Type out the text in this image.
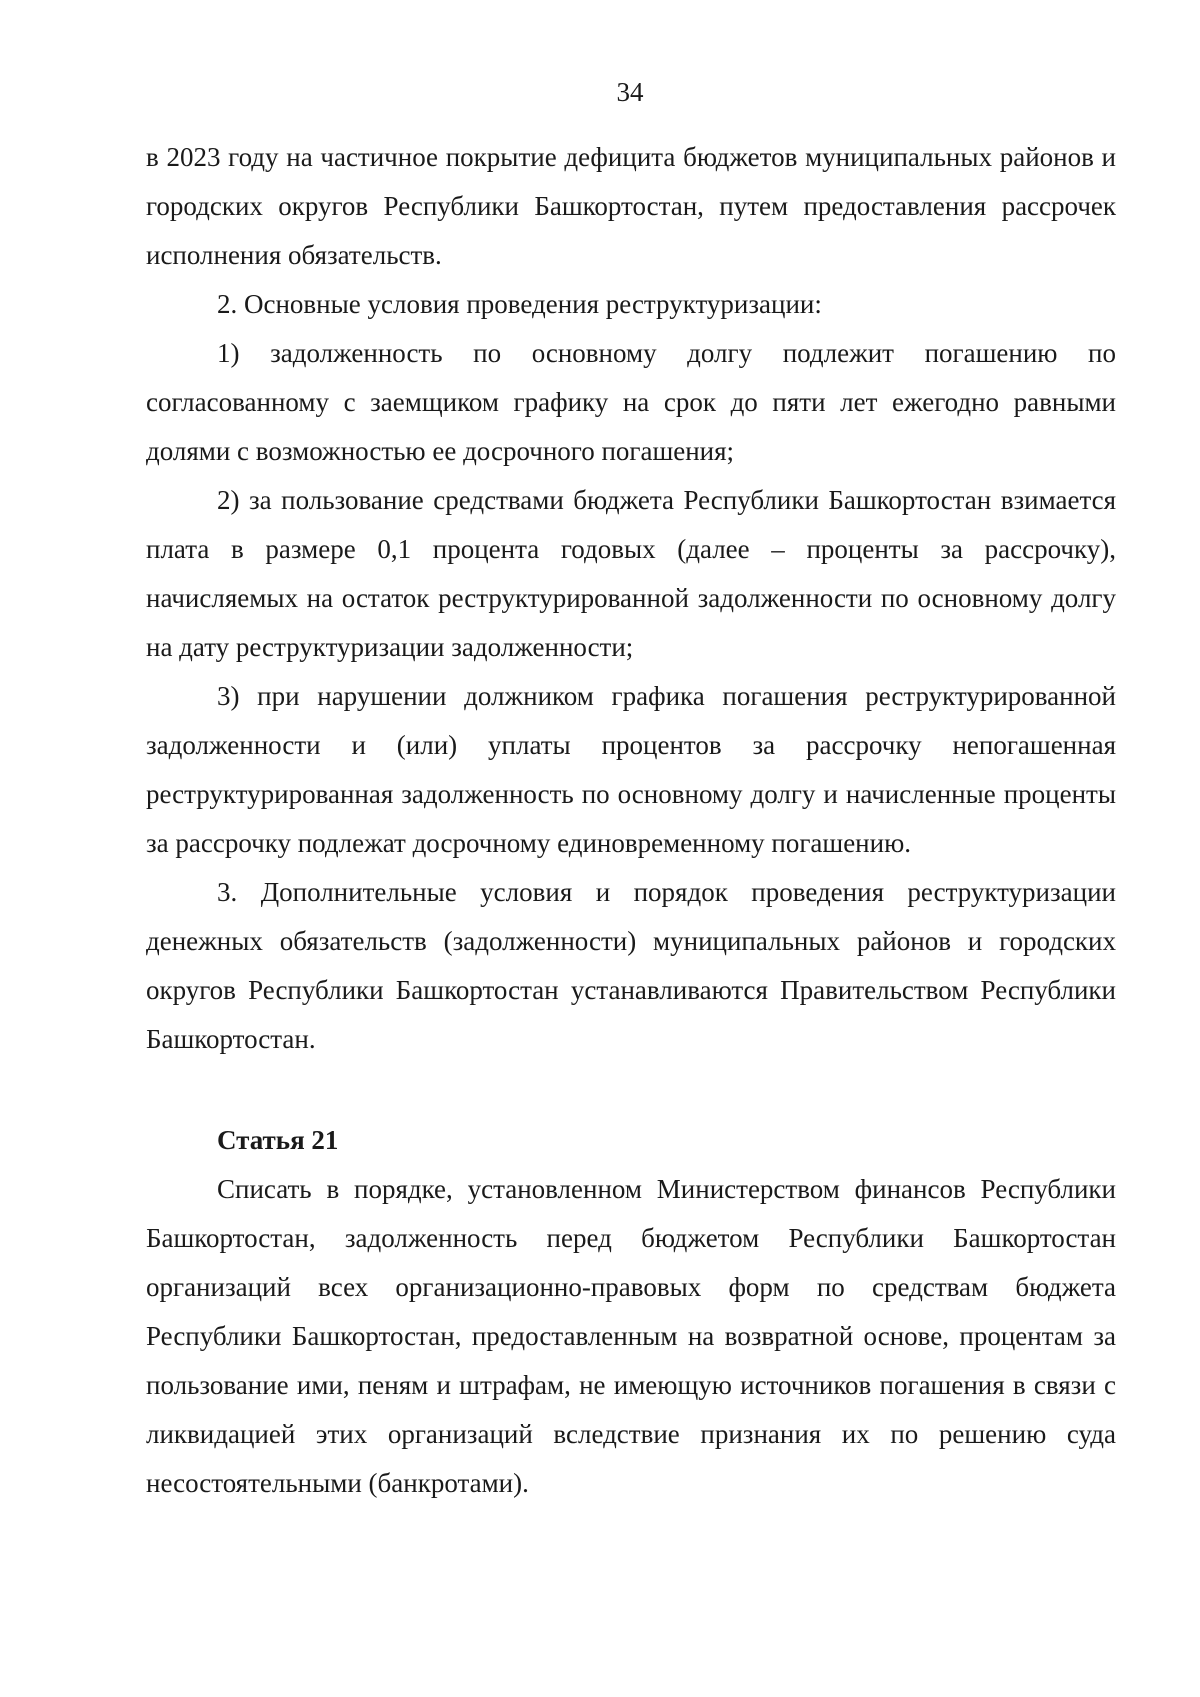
34

в 2023 году на частичное покрытие дефицита бюджетов муниципальных районов и городских округов Республики Башкортостан, путем предоставления рассрочек исполнения обязательств.

2. Основные условия проведения реструктуризации:

1) задолженность по основному долгу подлежит погашению по согласованному с заемщиком графику на срок до пяти лет ежегодно равными долями с возможностью ее досрочного погашения;

2) за пользование средствами бюджета Республики Башкортостан взимается плата в размере 0,1 процента годовых (далее – проценты за рассрочку), начисляемых на остаток реструктурированной задолженности по основному долгу на дату реструктуризации задолженности;

3) при нарушении должником графика погашения реструктурированной задолженности и (или) уплаты процентов за рассрочку непогашенная реструктурированная задолженность по основному долгу и начисленные проценты за рассрочку подлежат досрочному единовременному погашению.

3. Дополнительные условия и порядок проведения реструктуризации денежных обязательств (задолженности) муниципальных районов и городских округов Республики Башкортостан устанавливаются Правительством Республики Башкортостан.

Статья 21

Списать в порядке, установленном Министерством финансов Республики Башкортостан, задолженность перед бюджетом Республики Башкортостан организаций всех организационно-правовых форм по средствам бюджета Республики Башкортостан, предоставленным на возвратной основе, процентам за пользование ими, пеням и штрафам, не имеющую источников погашения в связи с ликвидацией этих организаций вследствие признания их по решению суда несостоятельными (банкротами).
